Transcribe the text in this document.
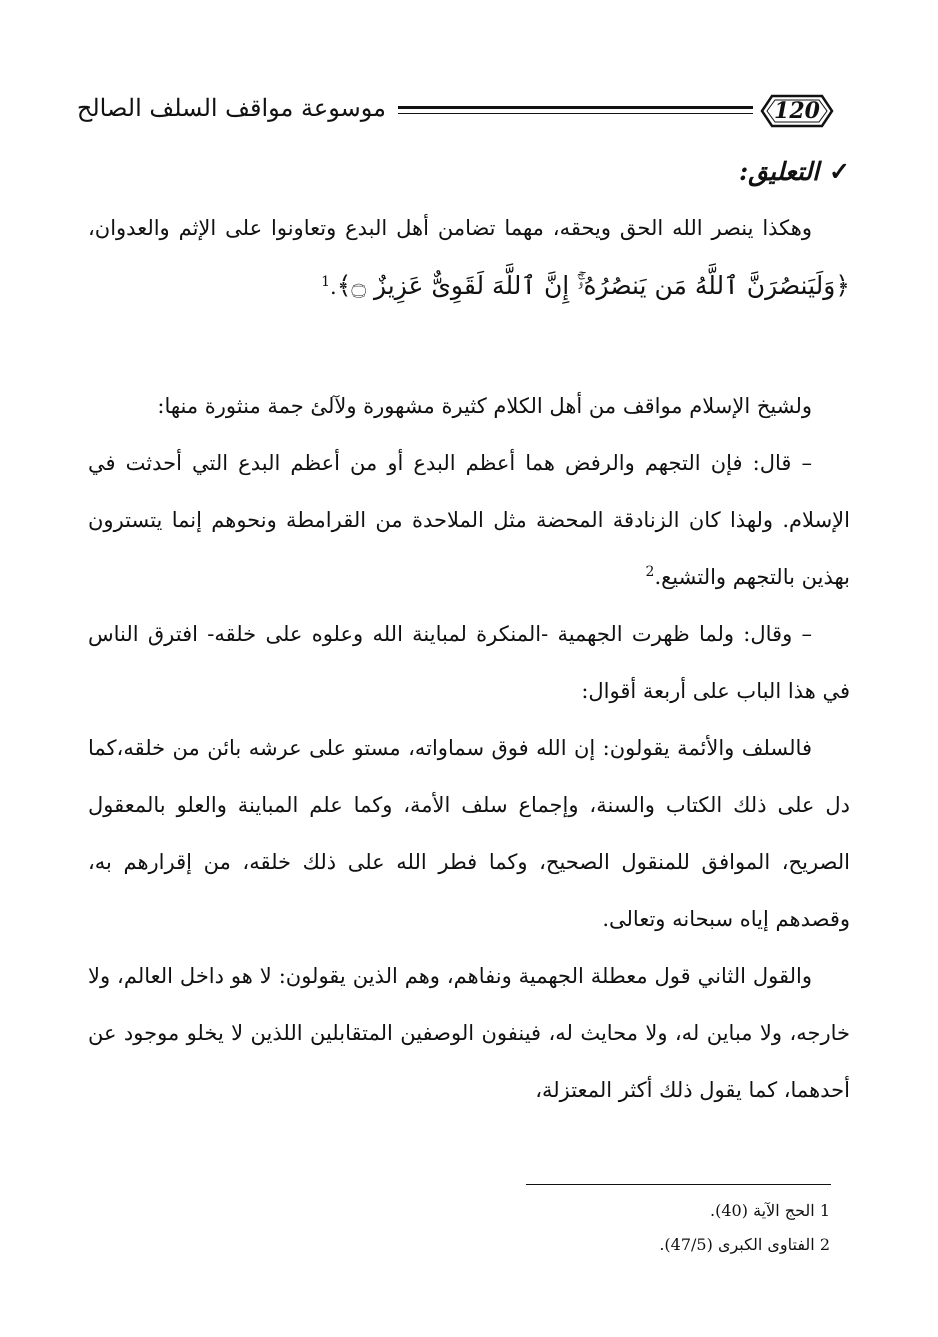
موسوعة مواقف السلف الصالح	120
✓التعليق:

وهكذا ينصر الله الحق ويحقه، مهما تضامن أهل البدع وتعاونوا على الإثم والعدوان، ﴿وَلَيَنصُرَنَّ ٱللَّهُ مَن يَنصُرُهُۥٓۚ إِنَّ ٱللَّهَ لَقَوِىٌّ عَزِيزٌ ۝﴾.$^1$

ولشيخ الإسلام مواقف من أهل الكلام كثيرة مشهورة ولآلئ جمة منثورة منها:

– قال: فإن التجهم والرفض هما أعظم البدع أو من أعظم البدع التي أحدثت في الإسلام. ولهذا كان الزنادقة المحضة مثل الملاحدة من القرامطة ونحوهم إنما يتسترون بهذين بالتجهم والتشيع.$^2$

– وقال: ولما ظهرت الجهمية -المنكرة لمباينة الله وعلوه على خلقه- افترق الناس في هذا الباب على أربعة أقوال:

فالسلف والأئمة يقولون: إن الله فوق سماواته، مستو على عرشه بائن من خلقه،كما دل على ذلك الكتاب والسنة، وإجماع سلف الأمة، وكما علم المباينة والعلو بالمعقول الصريح، الموافق للمنقول الصحيح، وكما فطر الله على ذلك خلقه، من إقرارهم به، وقصدهم إياه سبحانه وتعالى.

والقول الثاني قول معطلة الجهمية ونفاهم، وهم الذين يقولون: لا هو داخل العالم، ولا خارجه، ولا مباين له، ولا محايث له، فينفون الوصفين المتقابلين اللذين لا يخلو موجود عن أحدهما، كما يقول ذلك أكثر المعتزلة،

1 الحج الآية (40).

2 الفتاوى الكبرى (47/5).
